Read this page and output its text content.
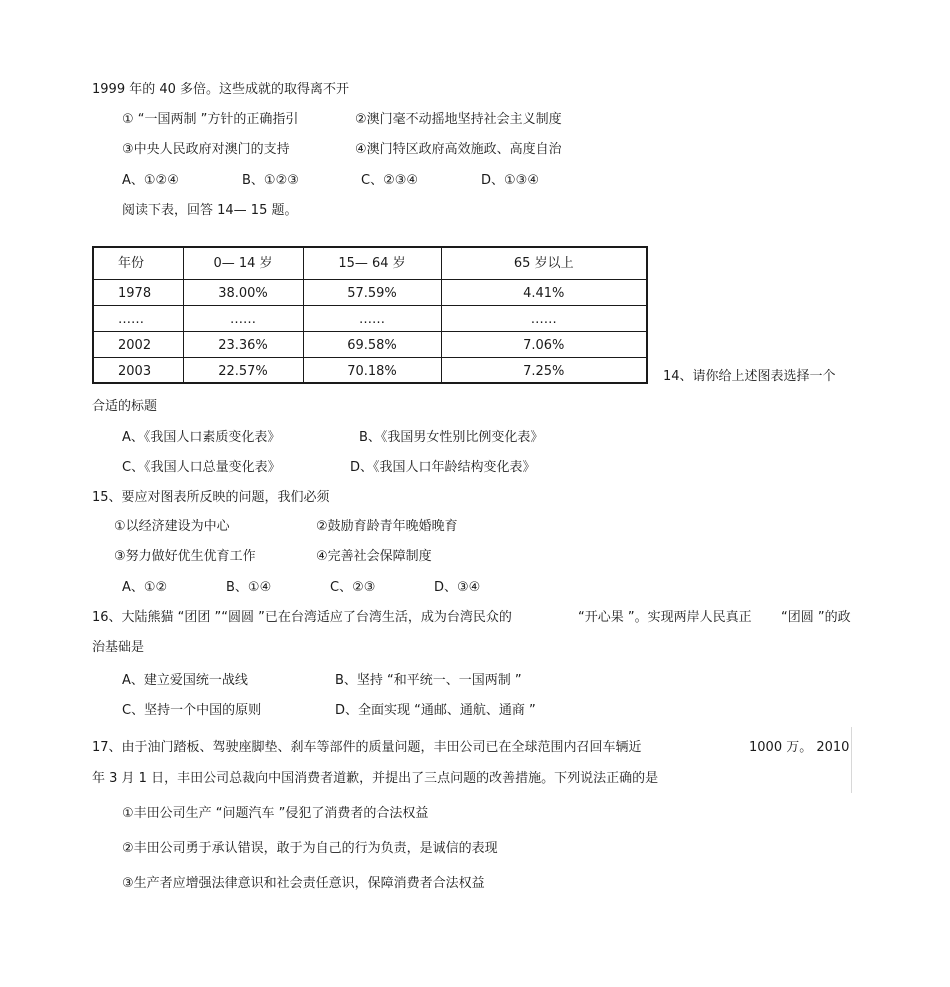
1999 年的 40 多倍。这些成就的取得离不开
① “一国两制 ”方针的正确指引	②澳门毫不动摇地坚持社会主义制度
③中央人民政府对澳门的支持	④澳门特区政府高效施政、高度自治
A、①②④	B、①②③	C、②③④	D、①③④
阅读下表，回答 14— 15 题。
年份	0— 14 岁	15— 64 岁	65 岁以上
1978	38.00%	57.59%	4.41%
……	……	……	……
2002	23.36%	69.58%	7.06%
2003	22.57%	70.18%	7.25%	14、请你给上述图表选择一个
合适的标题
A、《我国人口素质变化表》	B、《我国男女性别比例变化表》
C、《我国人口总量变化表》	D、《我国人口年龄结构变化表》
15、要应对图表所反映的问题，我们必须
①以经济建设为中心	②鼓励育龄青年晚婚晚育
③努力做好优生优育工作	④完善社会保障制度
A、①②	B、①④	C、②③	D、③④
16、大陆熊猫 “团团 ”“圆圆 ”已在台湾适应了台湾生活，成为台湾民众的	“开心果 ”。实现两岸人民真正 “团圆 ”的政
治基础是
A、建立爱国统一战线	B、坚持 “和平统一、一国两制 ”
C、坚持一个中国的原则	D、全面实现 “通邮、通航、通商 ”
17、由于油门踏板、驾驶座脚垫、刹车等部件的质量问题，丰田公司已在全球范围内召回车辆近	1000 万。 2010
年 3 月 1 日，丰田公司总裁向中国消费者道歉，并提出了三点问题的改善措施。下列说法正确的是
①丰田公司生产 “问题汽车 ”侵犯了消费者的合法权益
②丰田公司勇于承认错误，敢于为自己的行为负责，是诚信的表现
③生产者应增强法律意识和社会责任意识，保障消费者合法权益
